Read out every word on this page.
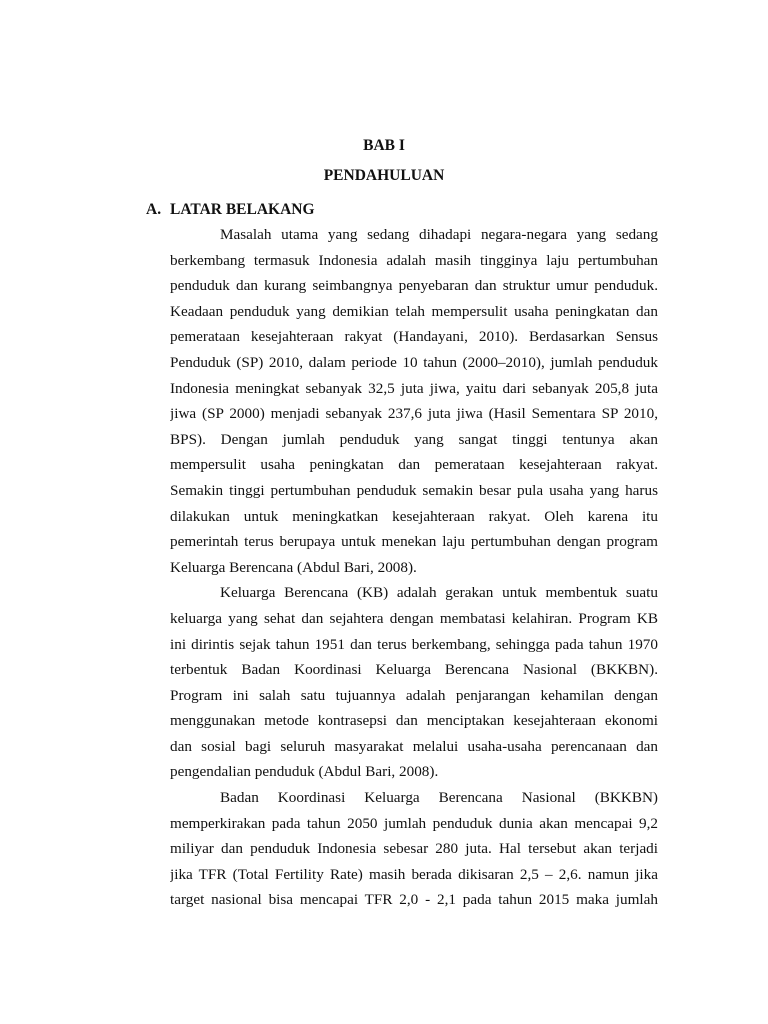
BAB I
PENDAHULUAN
A. LATAR BELAKANG
Masalah utama yang sedang dihadapi negara-negara yang sedang
berkembang termasuk Indonesia adalah masih tingginya laju pertumbuhan
penduduk dan kurang seimbangnya penyebaran dan struktur umur penduduk.
Keadaan penduduk yang demikian telah mempersulit usaha peningkatan dan
pemerataan kesejahteraan rakyat (Handayani, 2010). Berdasarkan Sensus
Penduduk (SP) 2010, dalam periode 10 tahun (2000–2010), jumlah penduduk
Indonesia meningkat sebanyak 32,5 juta jiwa, yaitu dari sebanyak 205,8 juta
jiwa (SP 2000) menjadi sebanyak 237,6 juta jiwa (Hasil Sementara SP 2010,
BPS). Dengan jumlah penduduk yang sangat tinggi tentunya akan
mempersulit usaha peningkatan dan pemerataan kesejahteraan rakyat.
Semakin tinggi pertumbuhan penduduk semakin besar pula usaha yang harus
dilakukan untuk meningkatkan kesejahteraan rakyat. Oleh karena itu
pemerintah terus berupaya untuk menekan laju pertumbuhan dengan program
Keluarga Berencana (Abdul Bari, 2008).
Keluarga Berencana (KB) adalah gerakan untuk membentuk suatu
keluarga yang sehat dan sejahtera dengan membatasi kelahiran. Program KB
ini dirintis sejak tahun 1951 dan terus berkembang, sehingga pada tahun 1970
terbentuk Badan Koordinasi Keluarga Berencana Nasional (BKKBN).
Program ini salah satu tujuannya adalah penjarangan kehamilan dengan
menggunakan metode kontrasepsi dan menciptakan kesejahteraan ekonomi
dan sosial bagi seluruh masyarakat melalui usaha-usaha perencanaan dan
pengendalian penduduk (Abdul Bari, 2008).
Badan Koordinasi Keluarga Berencana Nasional (BKKBN)
memperkirakan pada tahun 2050 jumlah penduduk dunia akan mencapai 9,2
miliyar dan penduduk Indonesia sebesar 280 juta. Hal tersebut akan terjadi
jika TFR (Total Fertility Rate) masih berada dikisaran 2,5 – 2,6. namun jika
target nasional bisa mencapai TFR 2,0 - 2,1 pada tahun 2015 maka jumlah
